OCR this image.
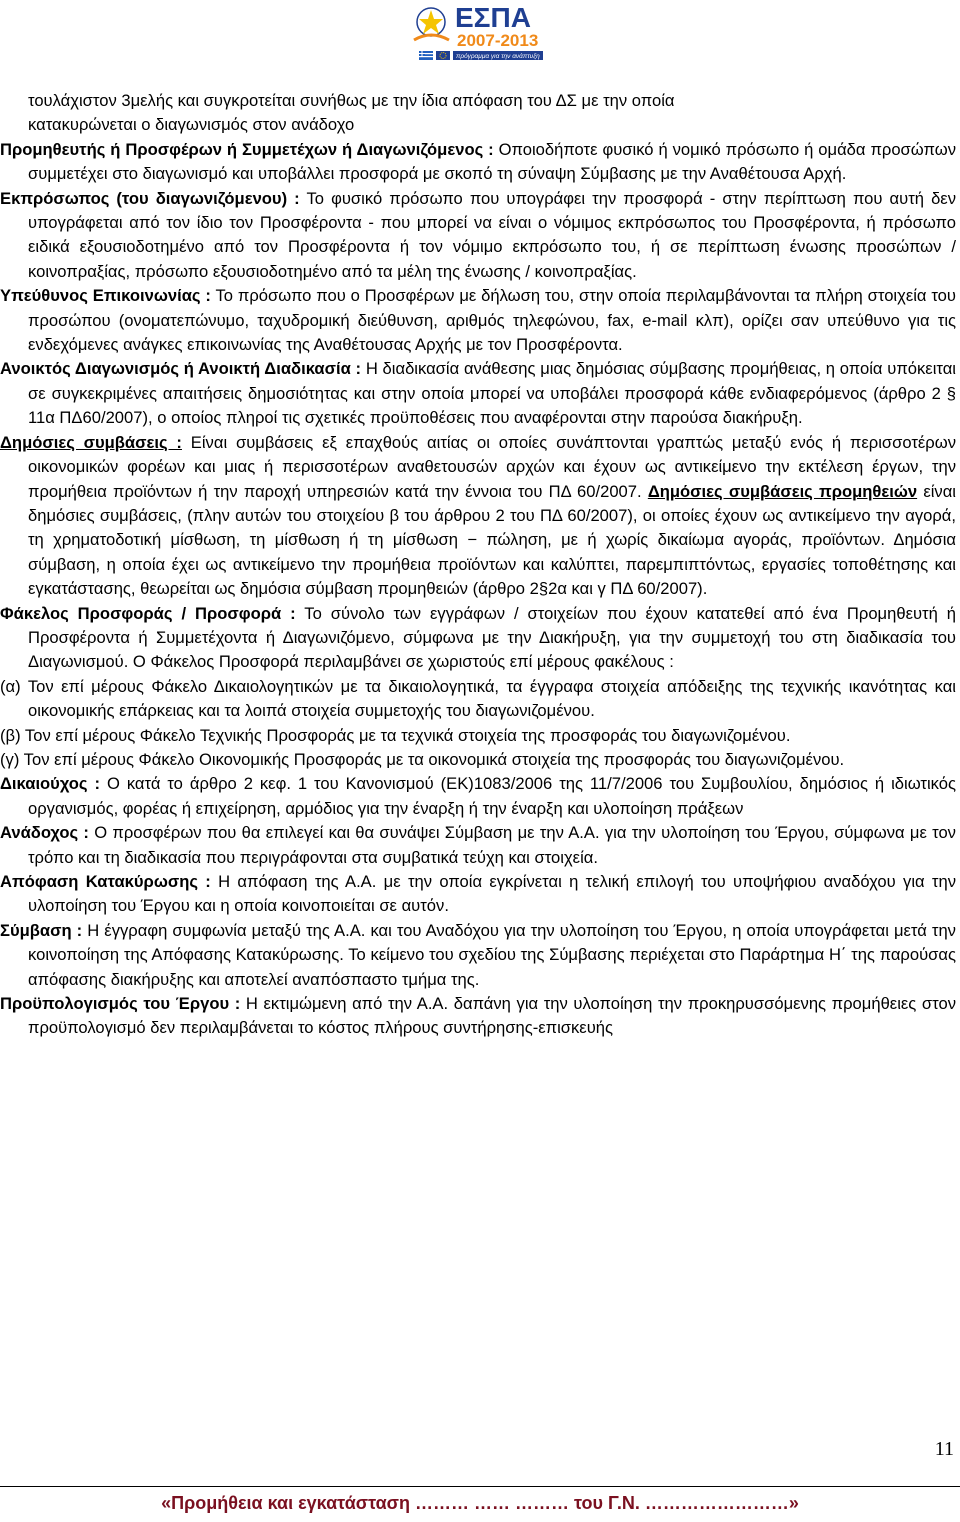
ΕΣΠΑ
2007-2013
πρόγραμμα για την ανάπτυξη

τουλάχιστον 3μελής και συγκροτείται συνήθως με την ίδια απόφαση του ΔΣ με την οποία
κατακυρώνεται ο διαγωνισμός στον ανάδοχο

Προμηθευτής ή Προσφέρων ή Συμμετέχων ή Διαγωνιζόμενος : Οποιοδήποτε φυσικό ή νομικό πρόσωπο ή ομάδα προσώπων συμμετέχει στο διαγωνισμό και υποβάλλει προσφορά με σκοπό τη σύναψη Σύμβασης με την Αναθέτουσα Αρχή.

Εκπρόσωπος (του διαγωνιζόμενου) : Το φυσικό πρόσωπο που υπογράφει την προσφορά - στην περίπτωση που αυτή δεν υπογράφεται από τον ίδιο τον Προσφέροντα - που μπορεί να είναι ο νόμιμος εκπρόσωπος του Προσφέροντα, ή πρόσωπο ειδικά εξουσιοδοτημένο από τον Προσφέροντα ή τον νόμιμο εκπρόσωπο του, ή σε περίπτωση ένωσης προσώπων / κοινοπραξίας, πρόσωπο εξουσιοδοτημένο από τα μέλη της ένωσης / κοινοπραξίας.

Υπεύθυνος Επικοινωνίας : Το πρόσωπο που ο Προσφέρων με δήλωση του, στην οποία περιλαμβάνονται τα πλήρη στοιχεία του προσώπου (ονοματεπώνυμο, ταχυδρομική διεύθυνση, αριθμός τηλεφώνου, fax, e-mail κλπ), ορίζει σαν υπεύθυνο για τις ενδεχόμενες ανάγκες επικοινωνίας της Αναθέτουσας Αρχής με τον Προσφέροντα.

Ανοικτός Διαγωνισμός ή Ανοικτή Διαδικασία : Η διαδικασία ανάθεσης μιας δημόσιας σύμβασης προμήθειας, η οποία υπόκειται σε συγκεκριμένες απαιτήσεις δημοσιότητας και στην οποία μπορεί να υποβάλει προσφορά κάθε ενδιαφερόμενος (άρθρο 2 § 11α ΠΔ60/2007), ο οποίος πληροί τις σχετικές προϋποθέσεις που αναφέρονται στην παρούσα διακήρυξη.

Δημόσιες συμβάσεις : Είναι συμβάσεις εξ επαχθούς αιτίας οι οποίες συνάπτονται γραπτώς μεταξύ ενός ή περισσοτέρων οικονομικών φορέων και μιας ή περισσοτέρων αναθετουσών αρχών και έχουν ως αντικείμενο την εκτέλεση έργων, την προμήθεια προϊόντων ή την παροχή υπηρεσιών κατά την έννοια του ΠΔ 60/2007. Δημόσιες συμβάσεις προμηθειών είναι δημόσιες συμβάσεις, (πλην αυτών του στοιχείου β του άρθρου 2 του ΠΔ 60/2007), οι οποίες έχουν ως αντικείμενο την αγορά, τη χρηματοδοτική μίσθωση, τη μίσθωση ή τη μίσθωση − πώληση, με ή χωρίς δικαίωμα αγοράς, προϊόντων. Δημόσια σύμβαση, η οποία έχει ως αντικείμενο την προμήθεια προϊόντων και καλύπτει, παρεμπιπτόντως, εργασίες τοποθέτησης και εγκατάστασης, θεωρείται ως δημόσια σύμβαση προμηθειών (άρθρο 2§2α και γ ΠΔ 60/2007).

Φάκελος Προσφοράς / Προσφορά : Το σύνολο των εγγράφων / στοιχείων που έχουν κατατεθεί από ένα Προμηθευτή ή Προσφέροντα ή Συμμετέχοντα ή Διαγωνιζόμενο, σύμφωνα με την Διακήρυξη, για την συμμετοχή του στη διαδικασία του Διαγωνισμού. Ο Φάκελος Προσφορά περιλαμβάνει σε χωριστούς επί μέρους φακέλους :

(α) Τον επί μέρους Φάκελο Δικαιολογητικών με τα δικαιολογητικά, τα έγγραφα στοιχεία απόδειξης της τεχνικής ικανότητας και οικονομικής επάρκειας και τα λοιπά στοιχεία συμμετοχής του διαγωνιζομένου.

(β) Τον επί μέρους Φάκελο Τεχνικής Προσφοράς με τα τεχνικά στοιχεία της προσφοράς του διαγωνιζομένου.

(γ) Τον επί μέρους Φάκελο Οικονομικής Προσφοράς με τα οικονομικά στοιχεία της προσφοράς του διαγωνιζομένου.

Δικαιούχος : Ο κατά το άρθρο 2 κεφ. 1 του Κανονισμού (ΕΚ)1083/2006 της 11/7/2006 του Συμβουλίου, δημόσιος ή ιδιωτικός οργανισμός, φορέας ή επιχείρηση, αρμόδιος για την έναρξη ή την έναρξη και υλοποίηση πράξεων

Ανάδοχος : Ο προσφέρων που θα επιλεγεί και θα συνάψει Σύμβαση με την Α.Α. για την υλοποίηση του Έργου, σύμφωνα με τον τρόπο και τη διαδικασία που περιγράφονται στα συμβατικά τεύχη και στοιχεία.

Απόφαση Κατακύρωσης : Η απόφαση της Α.Α. με την οποία εγκρίνεται η τελική επιλογή του υποψήφιου αναδόχου για την υλοποίηση του Έργου και η οποία κοινοποιείται σε αυτόν.

Σύμβαση : Η έγγραφη συμφωνία μεταξύ της Α.Α. και του Αναδόχου για την υλοποίηση του Έργου, η οποία υπογράφεται μετά την κοινοποίηση της Απόφασης Κατακύρωσης. Το κείμενο του σχεδίου της Σύμβασης περιέχεται στο Παράρτημα Η΄ της παρούσας απόφασης διακήρυξης και αποτελεί αναπόσπαστο τμήμα της.

Προϋπολογισμός του Έργου : Η εκτιμώμενη από την Α.Α. δαπάνη για την υλοποίηση την προκηρυσσόμενης προμήθειες στον προϋπολογισμό δεν περιλαμβάνεται το κόστος πλήρους συντήρησης-επισκευής

11
«Προμήθεια και εγκατάσταση ……… …… ……… του Γ.Ν. ……………………»
